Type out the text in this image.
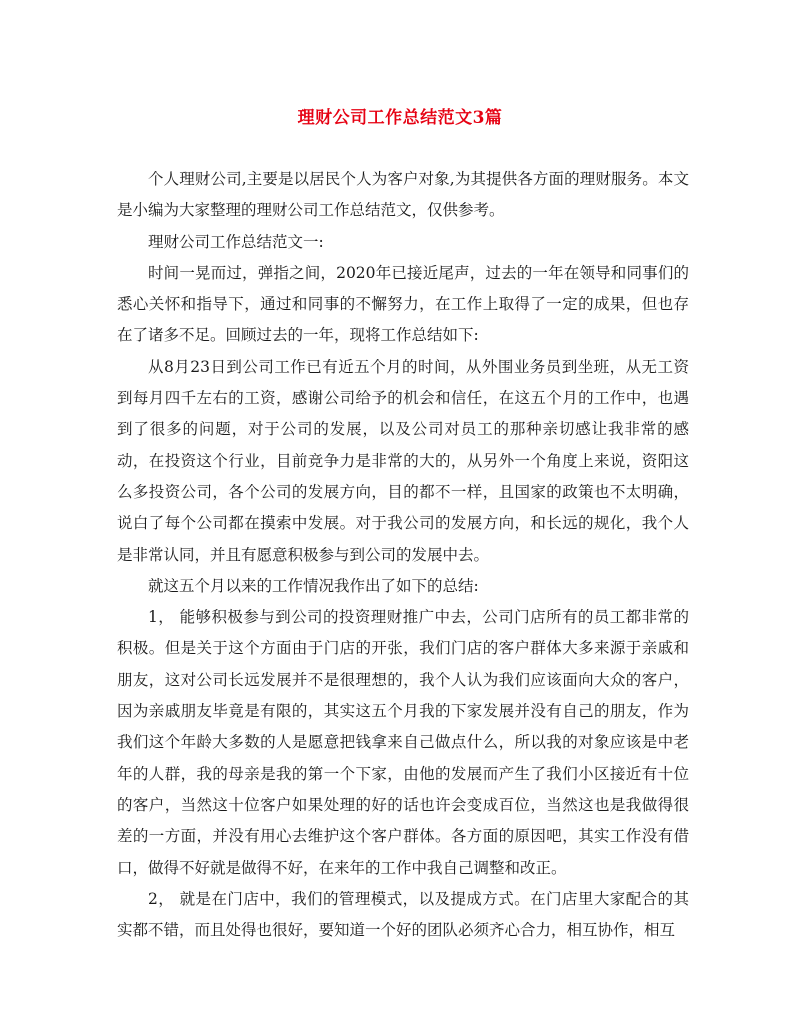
理财公司工作总结范文3篇

个人理财公司,主要是以居民个人为客户对象,为其提供各方面的理财服务。本文是小编为大家整理的理财公司工作总结范文，仅供参考。

理财公司工作总结范文一:

时间一晃而过，弹指之间，2020年已接近尾声，过去的一年在领导和同事们的悉心关怀和指导下，通过和同事的不懈努力，在工作上取得了一定的成果，但也存在了诸多不足。回顾过去的一年，现将工作总结如下:

从8月23日到公司工作已有近五个月的时间，从外围业务员到坐班，从无工资到每月四千左右的工资，感谢公司给予的机会和信任，在这五个月的工作中，也遇到了很多的问题，对于公司的发展，以及公司对员工的那种亲切感让我非常的感动，在投资这个行业，目前竞争力是非常的大的，从另外一个角度上来说，资阳这么多投资公司，各个公司的发展方向，目的都不一样，且国家的政策也不太明确，说白了每个公司都在摸索中发展。对于我公司的发展方向，和长远的规化，我个人是非常认同，并且有愿意积极参与到公司的发展中去。

就这五个月以来的工作情况我作出了如下的总结:

1， 能够积极参与到公司的投资理财推广中去，公司门店所有的员工都非常的积极。但是关于这个方面由于门店的开张，我们门店的客户群体大多来源于亲戚和朋友，这对公司长远发展并不是很理想的，我个人认为我们应该面向大众的客户，因为亲戚朋友毕竟是有限的，其实这五个月我的下家发展并没有自己的朋友，作为我们这个年龄大多数的人是愿意把钱拿来自己做点什么，所以我的对象应该是中老年的人群，我的母亲是我的第一个下家，由他的发展而产生了我们小区接近有十位的客户，当然这十位客户如果处理的好的话也许会变成百位，当然这也是我做得很差的一方面，并没有用心去维护这个客户群体。各方面的原因吧，其实工作没有借口，做得不好就是做得不好，在来年的工作中我自己调整和改正。

2， 就是在门店中，我们的管理模式，以及提成方式。在门店里大家配合的其实都不错，而且处得也很好，要知道一个好的团队必须齐心合力，相互协作，相互
